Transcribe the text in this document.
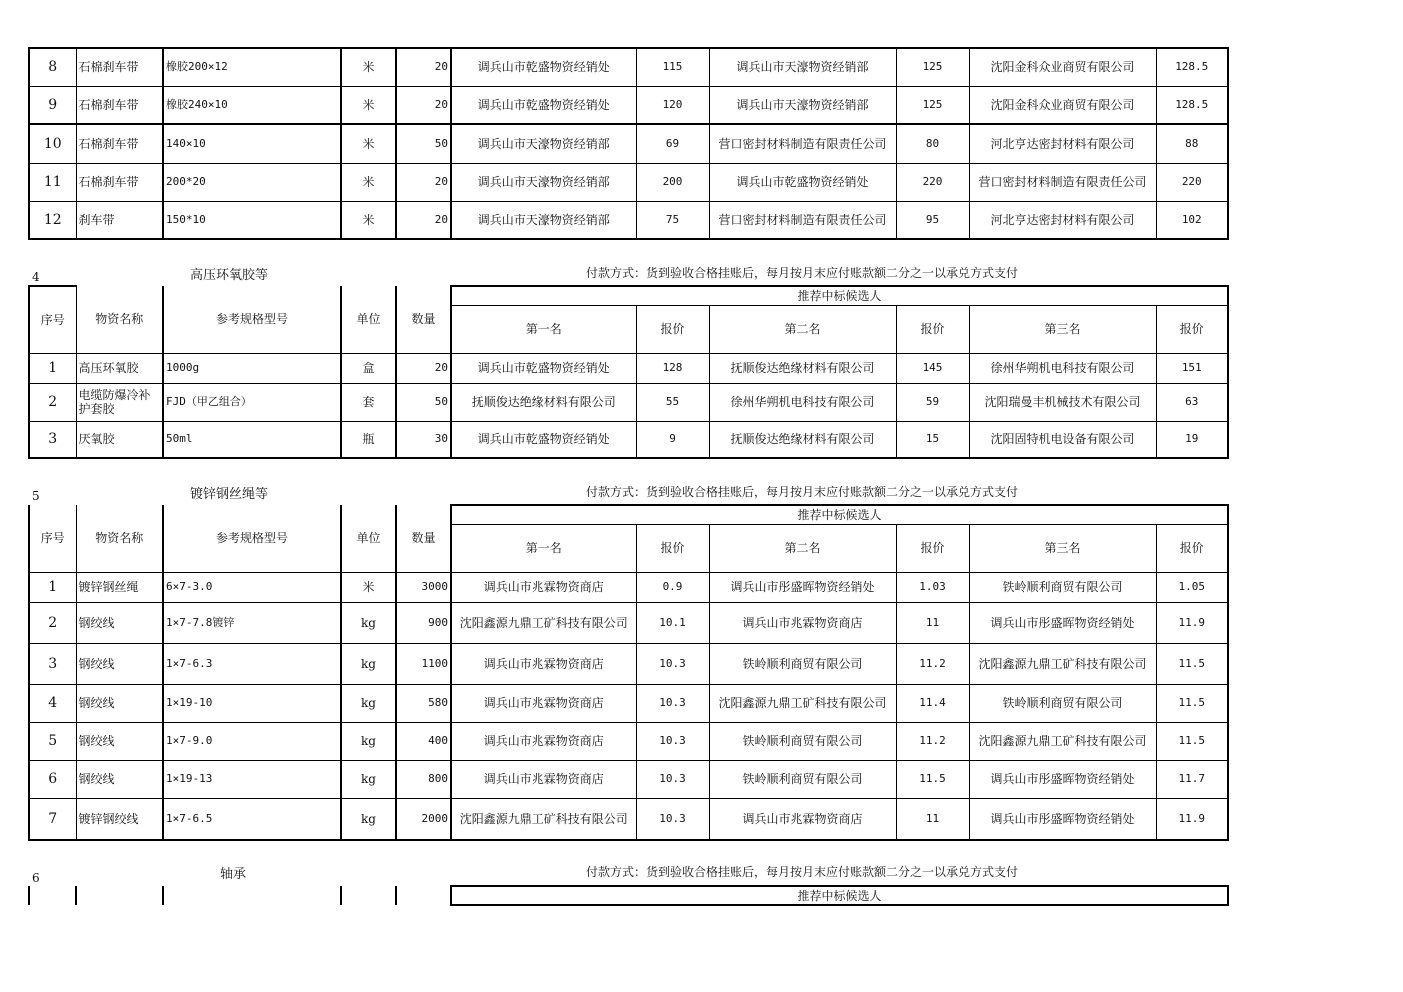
8	石棉刹车带	橡胶200×12	米	20	调兵山市乾盛物资经销处	115	调兵山市天濠物资经销部	125	沈阳金科众业商贸有限公司	128.5
9	石棉刹车带	橡胶240×10	米	20	调兵山市乾盛物资经销处	120	调兵山市天濠物资经销部	125	沈阳金科众业商贸有限公司	128.5
10	石棉刹车带	140×10	米	50	调兵山市天濠物资经销部	69	营口密封材料制造有限责任公司	80	河北亨达密封材料有限公司	88
11	石棉刹车带	200*20	米	20	调兵山市天濠物资经销部	200	调兵山市乾盛物资经销处	220	营口密封材料制造有限责任公司	220
12	刹车带	150*10	米	20	调兵山市天濠物资经销部	75	营口密封材料制造有限责任公司	95	河北亨达密封材料有限公司	102
4	高压环氧胶等	付款方式：货到验收合格挂账后，每月按月末应付账款额二分之一以承兑方式支付
序号	物资名称	参考规格型号	单位	数量	推荐中标候选人					
					第一名	报价	第二名	报价	第三名	报价
1	高压环氧胶	1000g	盒	20	调兵山市乾盛物资经销处	128	抚顺俊达绝缘材料有限公司	145	徐州华朔机电科技有限公司	151
2	电缆防爆冷补护套胶	FJD（甲乙组合）	套	50	抚顺俊达绝缘材料有限公司	55	徐州华朔机电科技有限公司	59	沈阳瑞曼丰机械技术有限公司	63
3	厌氧胶	50ml	瓶	30	调兵山市乾盛物资经销处	9	抚顺俊达绝缘材料有限公司	15	沈阳固特机电设备有限公司	19
5	镀锌钢丝绳等	付款方式：货到验收合格挂账后，每月按月末应付账款额二分之一以承兑方式支付
序号	物资名称	参考规格型号	单位	数量	推荐中标候选人					
					第一名	报价	第二名	报价	第三名	报价
1	镀锌钢丝绳	6×7-3.0	米	3000	调兵山市兆霖物资商店	0.9	调兵山市彤盛晖物资经销处	1.03	铁岭顺利商贸有限公司	1.05
2	钢绞线	1×7-7.8镀锌	kg	900	沈阳鑫源九鼎工矿科技有限公司	10.1	调兵山市兆霖物资商店	11	调兵山市彤盛晖物资经销处	11.9
3	钢绞线	1×7-6.3	kg	1100	调兵山市兆霖物资商店	10.3	铁岭顺利商贸有限公司	11.2	沈阳鑫源九鼎工矿科技有限公司	11.5
4	钢绞线	1×19-10	kg	580	调兵山市兆霖物资商店	10.3	沈阳鑫源九鼎工矿科技有限公司	11.4	铁岭顺利商贸有限公司	11.5
5	钢绞线	1×7-9.0	kg	400	调兵山市兆霖物资商店	10.3	铁岭顺利商贸有限公司	11.2	沈阳鑫源九鼎工矿科技有限公司	11.5
6	钢绞线	1×19-13	kg	800	调兵山市兆霖物资商店	10.3	铁岭顺利商贸有限公司	11.5	调兵山市彤盛晖物资经销处	11.7
7	镀锌钢绞线	1×7-6.5	kg	2000	沈阳鑫源九鼎工矿科技有限公司	10.3	调兵山市兆霖物资商店	11	调兵山市彤盛晖物资经销处	11.9
6	轴承	付款方式：货到验收合格挂账后，每月按月末应付账款额二分之一以承兑方式支付
					推荐中标候选人
